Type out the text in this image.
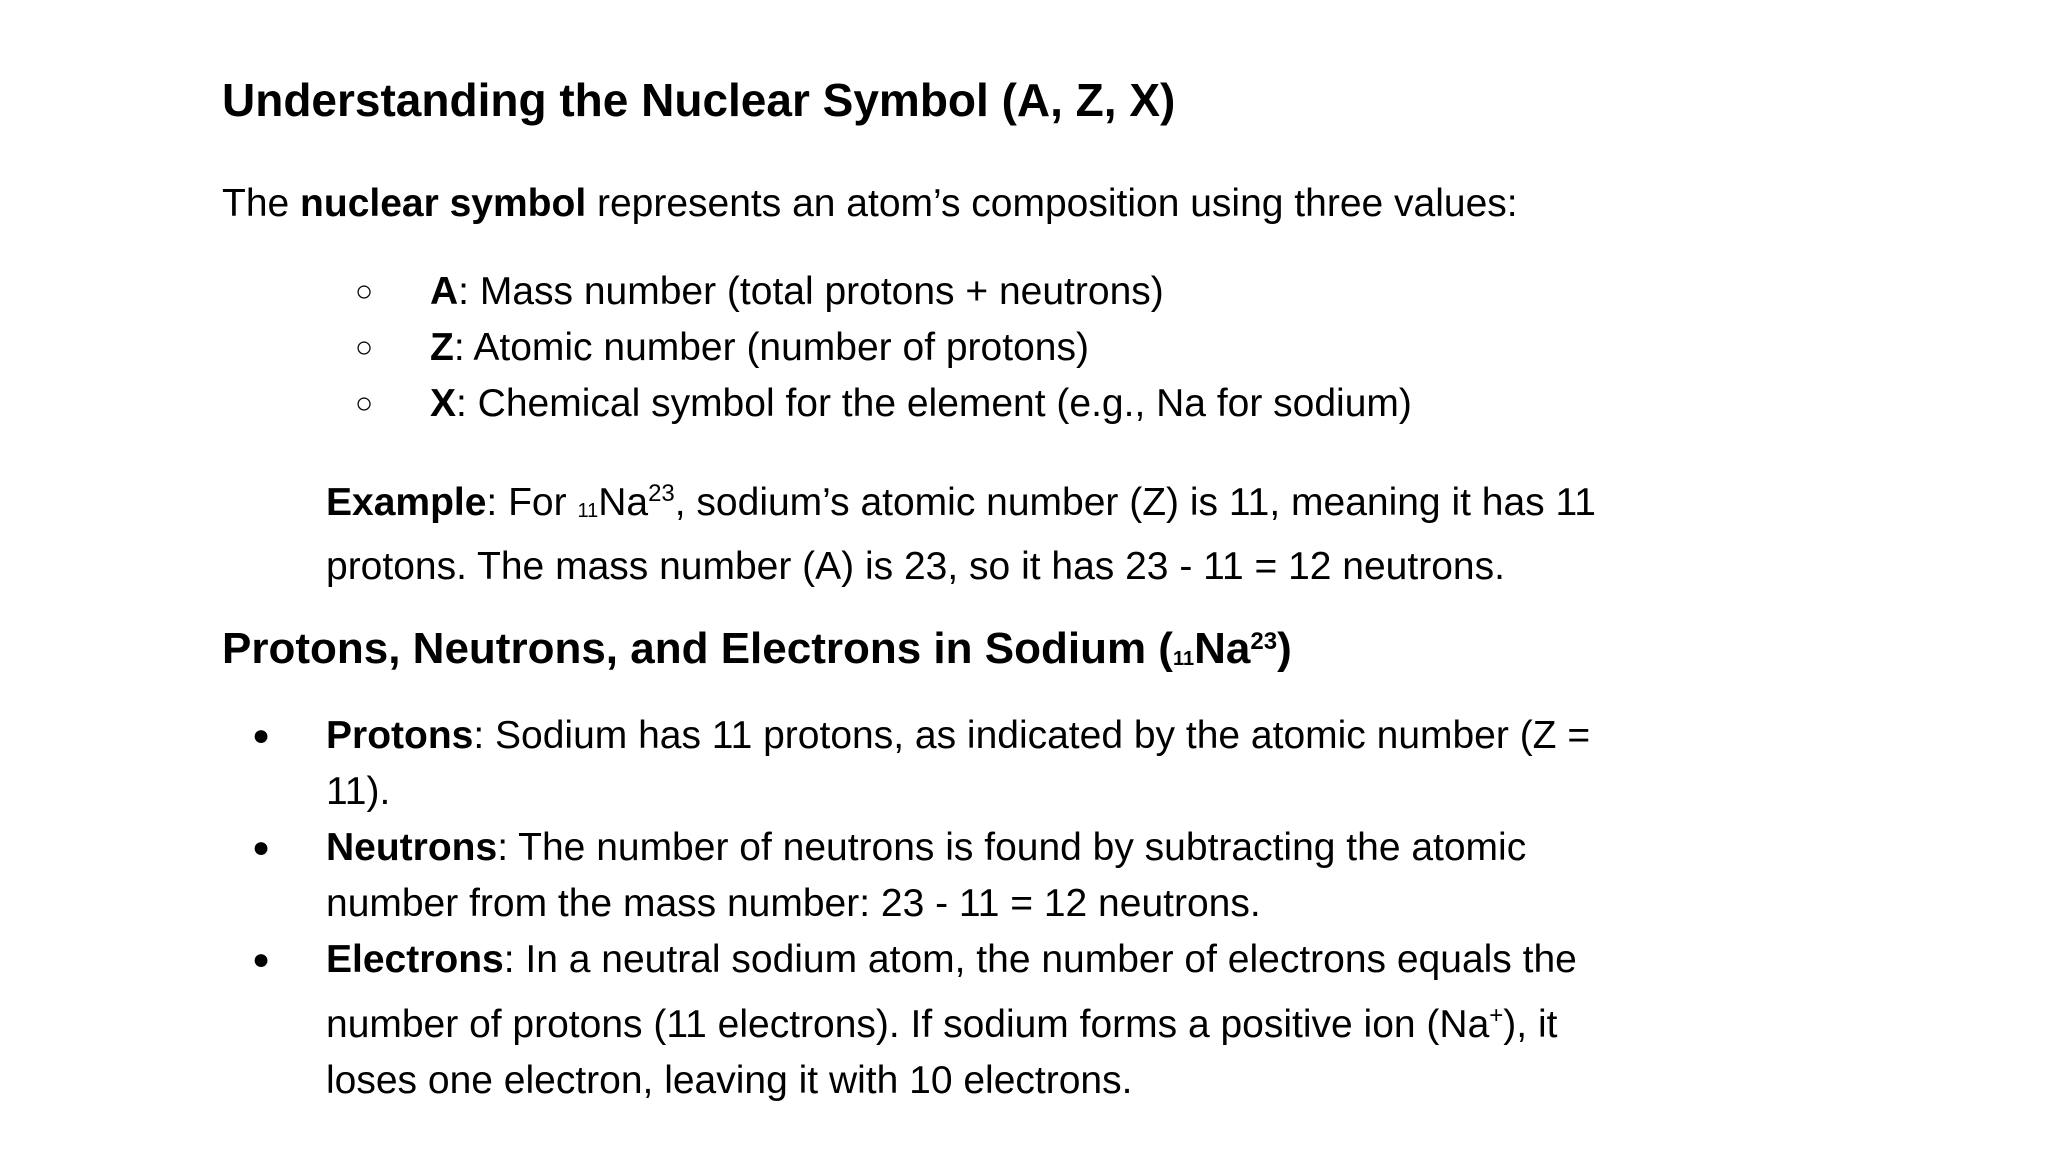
Understanding the Nuclear Symbol (A, Z, X)
The nuclear symbol represents an atom’s composition using three values:
○ A: Mass number (total protons + neutrons)
○ Z: Atomic number (number of protons)
○ X: Chemical symbol for the element (e.g., Na for sodium)
Example: For 11Na$^{23}$, sodium’s atomic number (Z) is 11, meaning it has 11 protons. The mass number (A) is 23, so it has 23 - 11 = 12 neutrons.
Protons, Neutrons, and Electrons in Sodium (11Na$^{23}$)
● Protons: Sodium has 11 protons, as indicated by the atomic number (Z = 11).
● Neutrons: The number of neutrons is found by subtracting the atomic number from the mass number: 23 - 11 = 12 neutrons.
● Electrons: In a neutral sodium atom, the number of electrons equals the number of protons (11 electrons). If sodium forms a positive ion (Na+), it loses one electron, leaving it with 10 electrons.
